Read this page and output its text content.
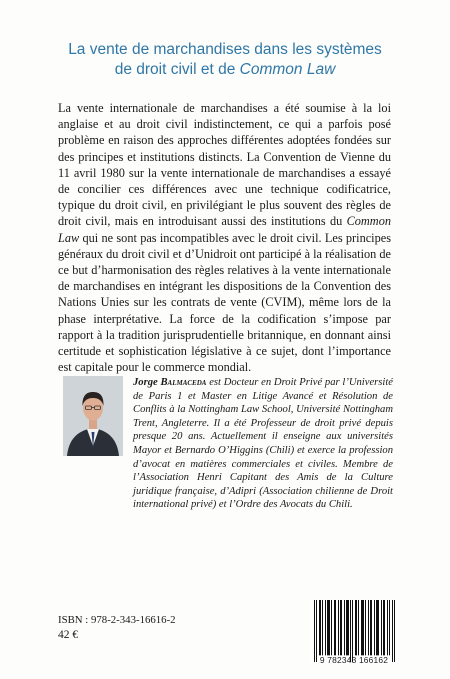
La vente de marchandises dans les systèmes
de droit civil et de Common Law

La vente internationale de marchandises a été soumise à la loi anglaise et au droit civil indistinctement, ce qui a parfois posé problème en raison des approches différentes adoptées fondées sur des principes et institutions distincts. La Convention de Vienne du 11 avril 1980 sur la vente internationale de marchandises a essayé de concilier ces différences avec une technique codificatrice, typique du droit civil, en privilégiant le plus souvent des règles de droit civil, mais en introduisant aussi des institutions du Common Law qui ne sont pas incompatibles avec le droit civil. Les principes généraux du droit civil et d’Unidroit ont participé à la réalisation de ce but d’harmonisation des règles relatives à la vente internationale de marchandises en intégrant les dispositions de la Convention des Nations Unies sur les contrats de vente (CVIM), même lors de la phase interprétative. La force de la codification s’impose par rapport à la tradition jurisprudentielle britannique, en donnant ainsi certitude et sophistication législative à ce sujet, dont l’importance est capitale pour le commerce mondial.

Jorge Balmaceda est Docteur en Droit Privé par l’Université de Paris 1 et Master en Litige Avancé et Résolution de Conflits à la Nottingham Law School, Université Nottingham Trent, Angleterre. Il a été Professeur de droit privé depuis presque 20 ans. Actuellement il enseigne aux universités Mayor et Bernardo O’Higgins (Chili) et exerce la profession d’avocat en matières commerciales et civiles. Membre de l’Association Henri Capitant des Amis de la Culture juridique française, d’Adipri (Association chilienne de Droit international privé) et l’Ordre des Avocats du Chili.

ISBN : 978-2-343-16616-2
42 €
9 782343 166162
